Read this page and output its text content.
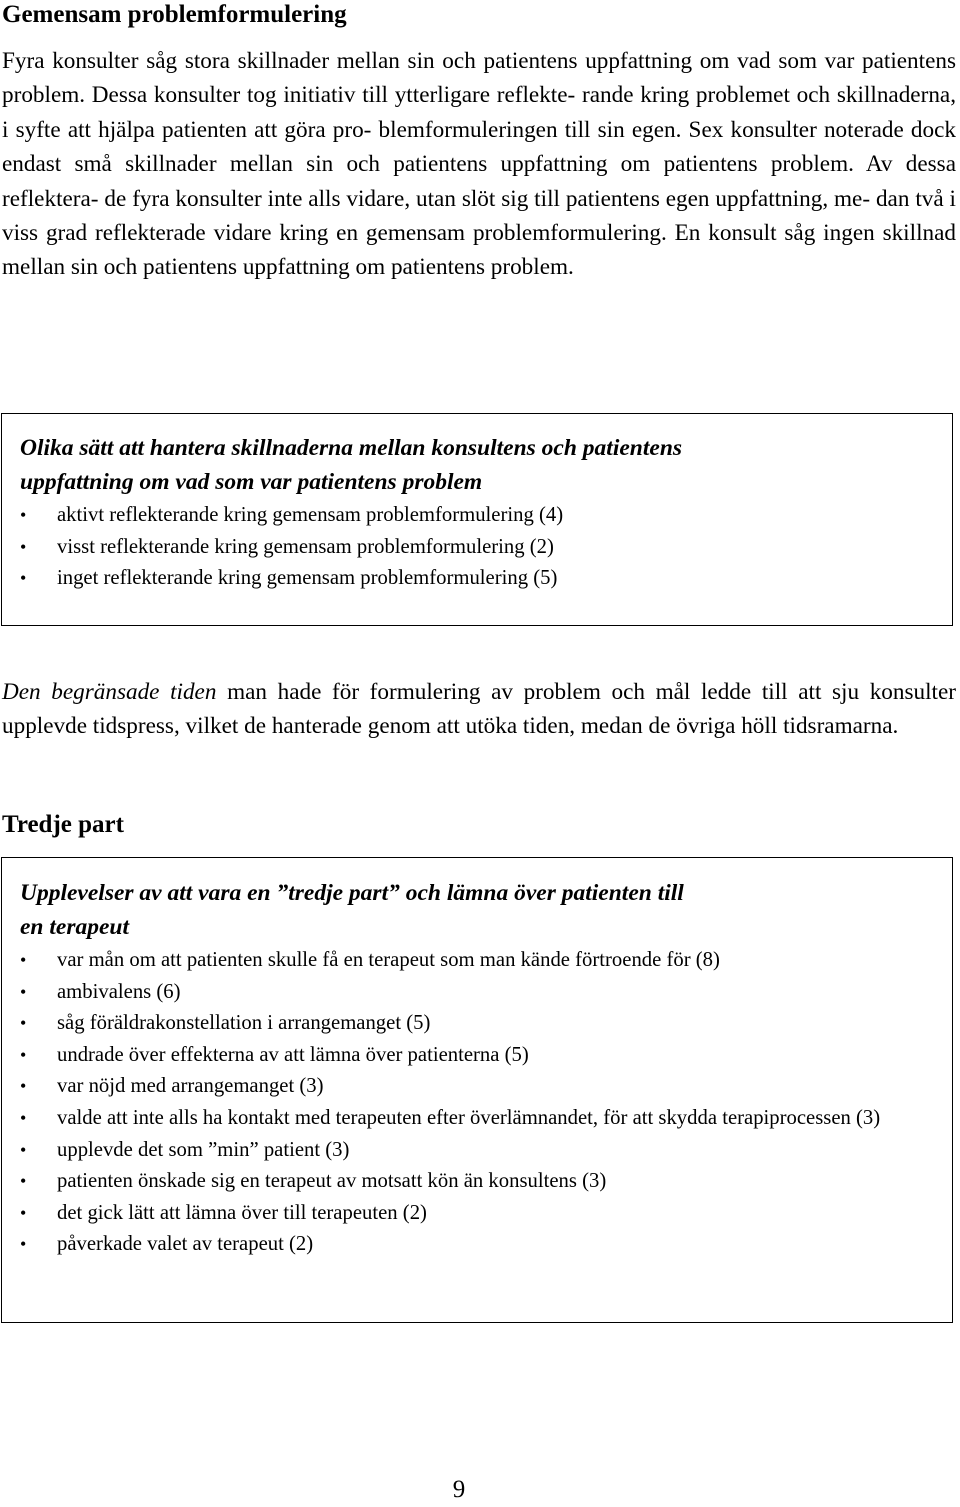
Gemensam problemformulering

Fyra konsulter såg stora skillnader mellan sin och patientens uppfattning om vad som var patientens problem. Dessa konsulter tog initiativ till ytterligare reflekte- rande kring problemet och skillnaderna, i syfte att hjälpa patienten att göra pro- blemformuleringen till sin egen. Sex konsulter noterade dock endast små skillnader mellan sin och patientens uppfattning om patientens problem. Av dessa reflektera- de fyra konsulter inte alls vidare, utan slöt sig till patientens egen uppfattning, me- dan två i viss grad reflekterade vidare kring en gemensam problemformulering. En konsult såg ingen skillnad mellan sin och patientens uppfattning om patientens problem.

Olika sätt att hantera skillnaderna mellan konsultens och patientens
uppfattning om vad som var patientens problem

•	aktivt reflekterande kring gemensam problemformulering (4)
•	visst reflekterande kring gemensam problemformulering (2)
•	inget reflekterande kring gemensam problemformulering (5)

Den begränsade tiden man hade för formulering av problem och mål ledde till att sju konsulter upplevde tidspress, vilket de hanterade genom att utöka tiden, medan de övriga höll tidsramarna.

Tredje part

Upplevelser av att vara en ”tredje part” och lämna över patienten till
en terapeut

•	var mån om att patienten skulle få en terapeut som man kände förtroende för (8)
•	ambivalens (6)
•	såg föräldrakonstellation i arrangemanget (5)
•	undrade över effekterna av att lämna över patienterna (5)
•	var nöjd med arrangemanget (3)
•	valde att inte alls ha kontakt med terapeuten efter överlämnandet, för att skydda terapiprocessen (3)
•	upplevde det som ”min” patient (3)
•	patienten önskade sig en terapeut av motsatt kön än konsultens (3)
•	det gick lätt att lämna över till terapeuten (2)
•	påverkade valet av terapeut (2)

9
